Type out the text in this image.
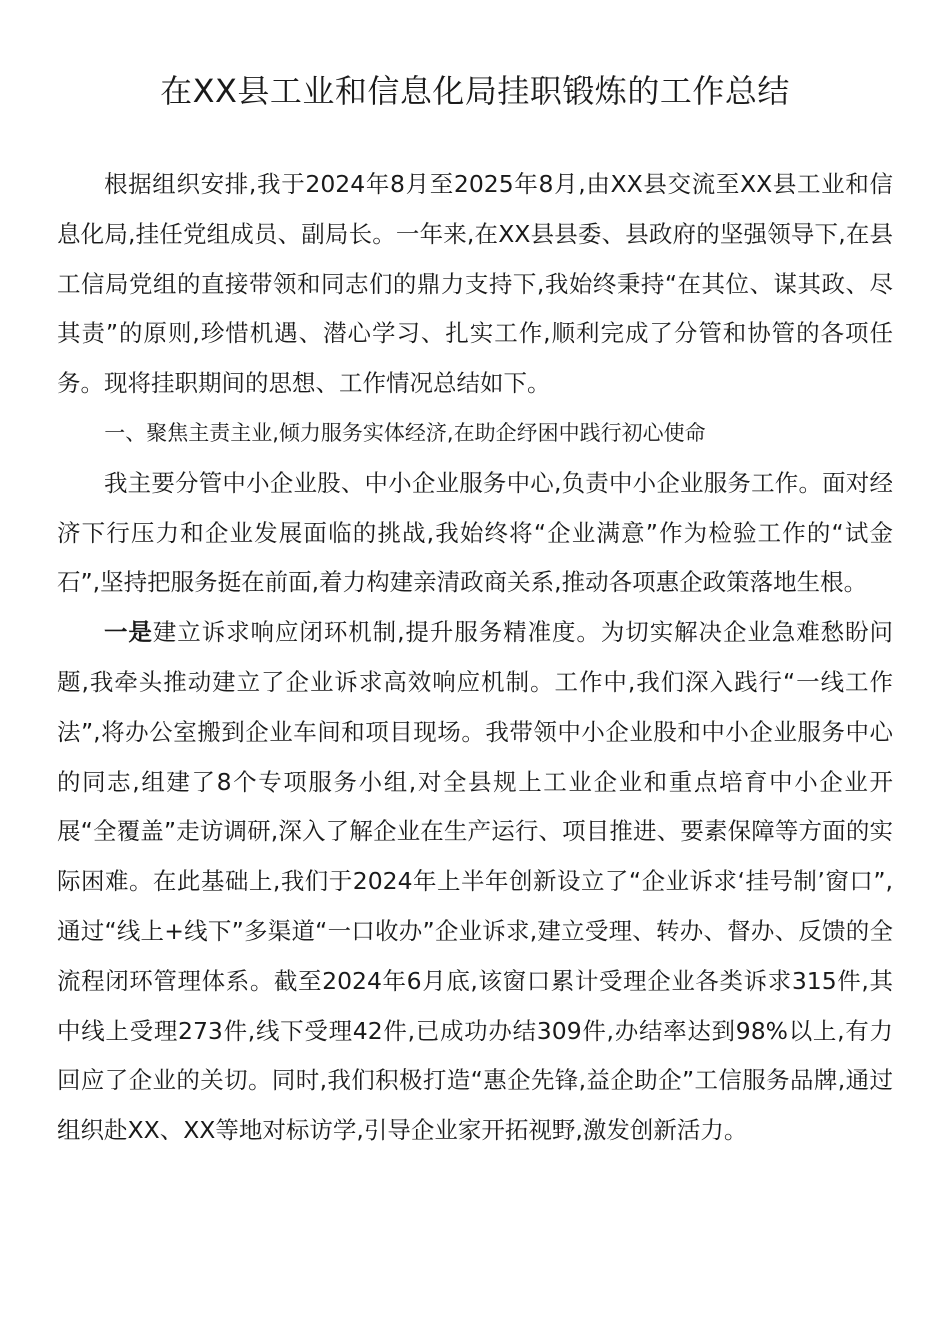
在XX县工业和信息化局挂职锻炼的工作总结

根据组织安排,我于2024年8月至2025年8月,由XX县交流至XX县工业和信息化局,挂任党组成员、副局长。一年来,在XX县县委、县政府的坚强领导下,在县工信局党组的直接带领和同志们的鼎力支持下,我始终秉持“在其位、谋其政、尽其责”的原则,珍惜机遇、潜心学习、扎实工作,顺利完成了分管和协管的各项任务。现将挂职期间的思想、工作情况总结如下。

一、聚焦主责主业,倾力服务实体经济,在助企纾困中践行初心使命

我主要分管中小企业股、中小企业服务中心,负责中小企业服务工作。面对经济下行压力和企业发展面临的挑战,我始终将“企业满意”作为检验工作的“试金石”,坚持把服务挺在前面,着力构建亲清政商关系,推动各项惠企政策落地生根。

一是建立诉求响应闭环机制,提升服务精准度。为切实解决企业急难愁盼问题,我牵头推动建立了企业诉求高效响应机制。工作中,我们深入践行“一线工作法”,将办公室搬到企业车间和项目现场。我带领中小企业股和中小企业服务中心的同志,组建了8个专项服务小组,对全县规上工业企业和重点培育中小企业开展“全覆盖”走访调研,深入了解企业在生产运行、项目推进、要素保障等方面的实际困难。在此基础上,我们于2024年上半年创新设立了“企业诉求‘挂号制’窗口”,通过“线上+线下”多渠道“一口收办”企业诉求,建立受理、转办、督办、反馈的全流程闭环管理体系。截至2024年6月底,该窗口累计受理企业各类诉求315件,其中线上受理273件,线下受理42件,已成功办结309件,办结率达到98%以上,有力回应了企业的关切。同时,我们积极打造“惠企先锋,益企助企”工信服务品牌,通过组织赴XX、XX等地对标访学,引导企业家开拓视野,激发创新活力。
